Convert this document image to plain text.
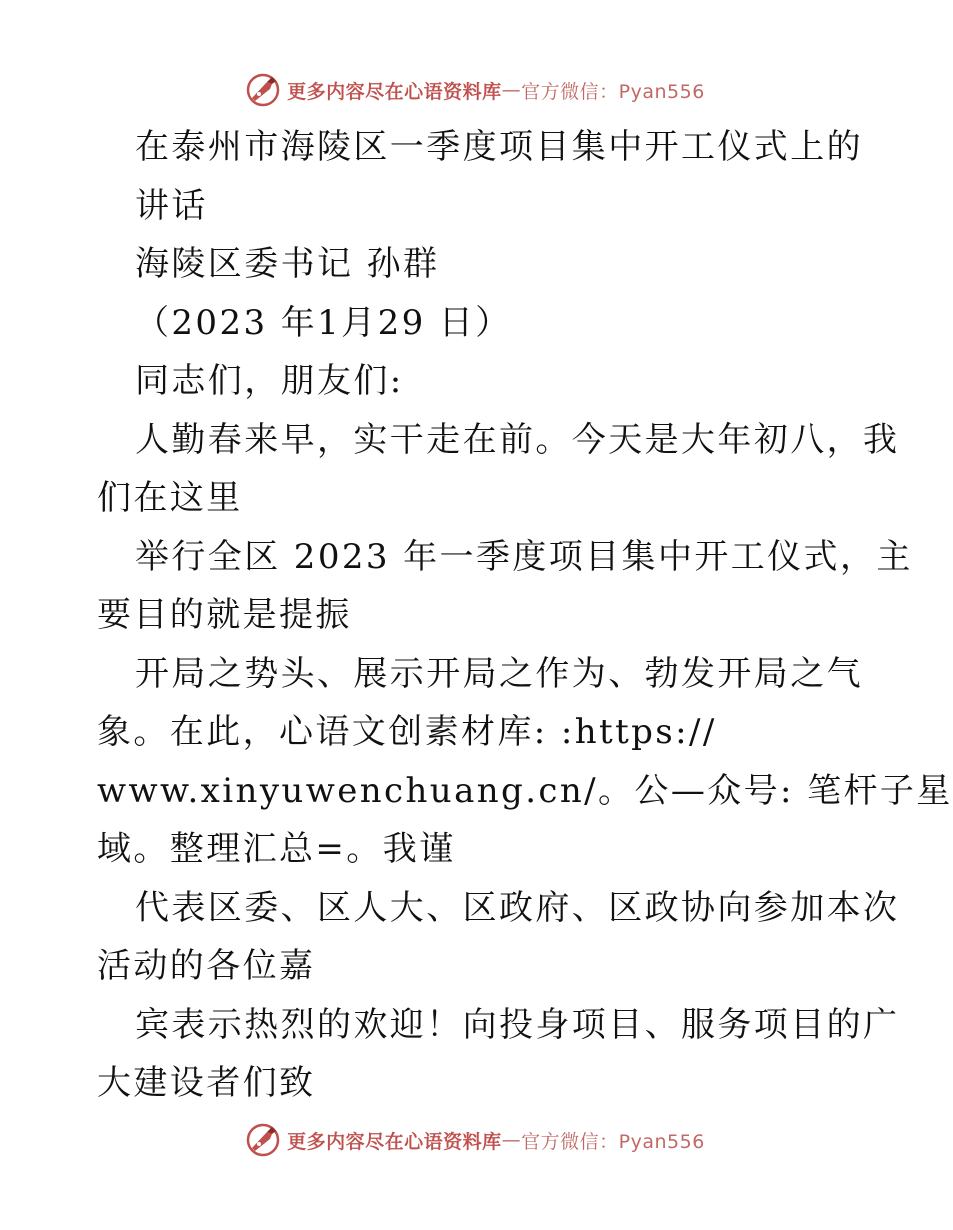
更多内容尽在心语资料库 — 官方微信：Pyan556
在泰州市海陵区一季度项目集中开工仪式上的
讲话
海陵区委书记 孙群
（2023 年1月29 日）
同志们，朋友们:
人勤春来早，实干走在前。今天是大年初八，我
们在这里
举行全区 2023 年一季度项目集中开工仪式，主
要目的就是提振
开局之势头、展示开局之作为、勃发开局之气
象。在此，心语文创素材库: :https://
www.xinyuwenchuang.cn/。公—众号: 笔杆子星
域。整理汇总=。我谨
代表区委、区人大、区政府、区政协向参加本次
活动的各位嘉
宾表示热烈的欢迎！向投身项目、服务项目的广
大建设者们致
更多内容尽在心语资料库 — 官方微信：Pyan556
